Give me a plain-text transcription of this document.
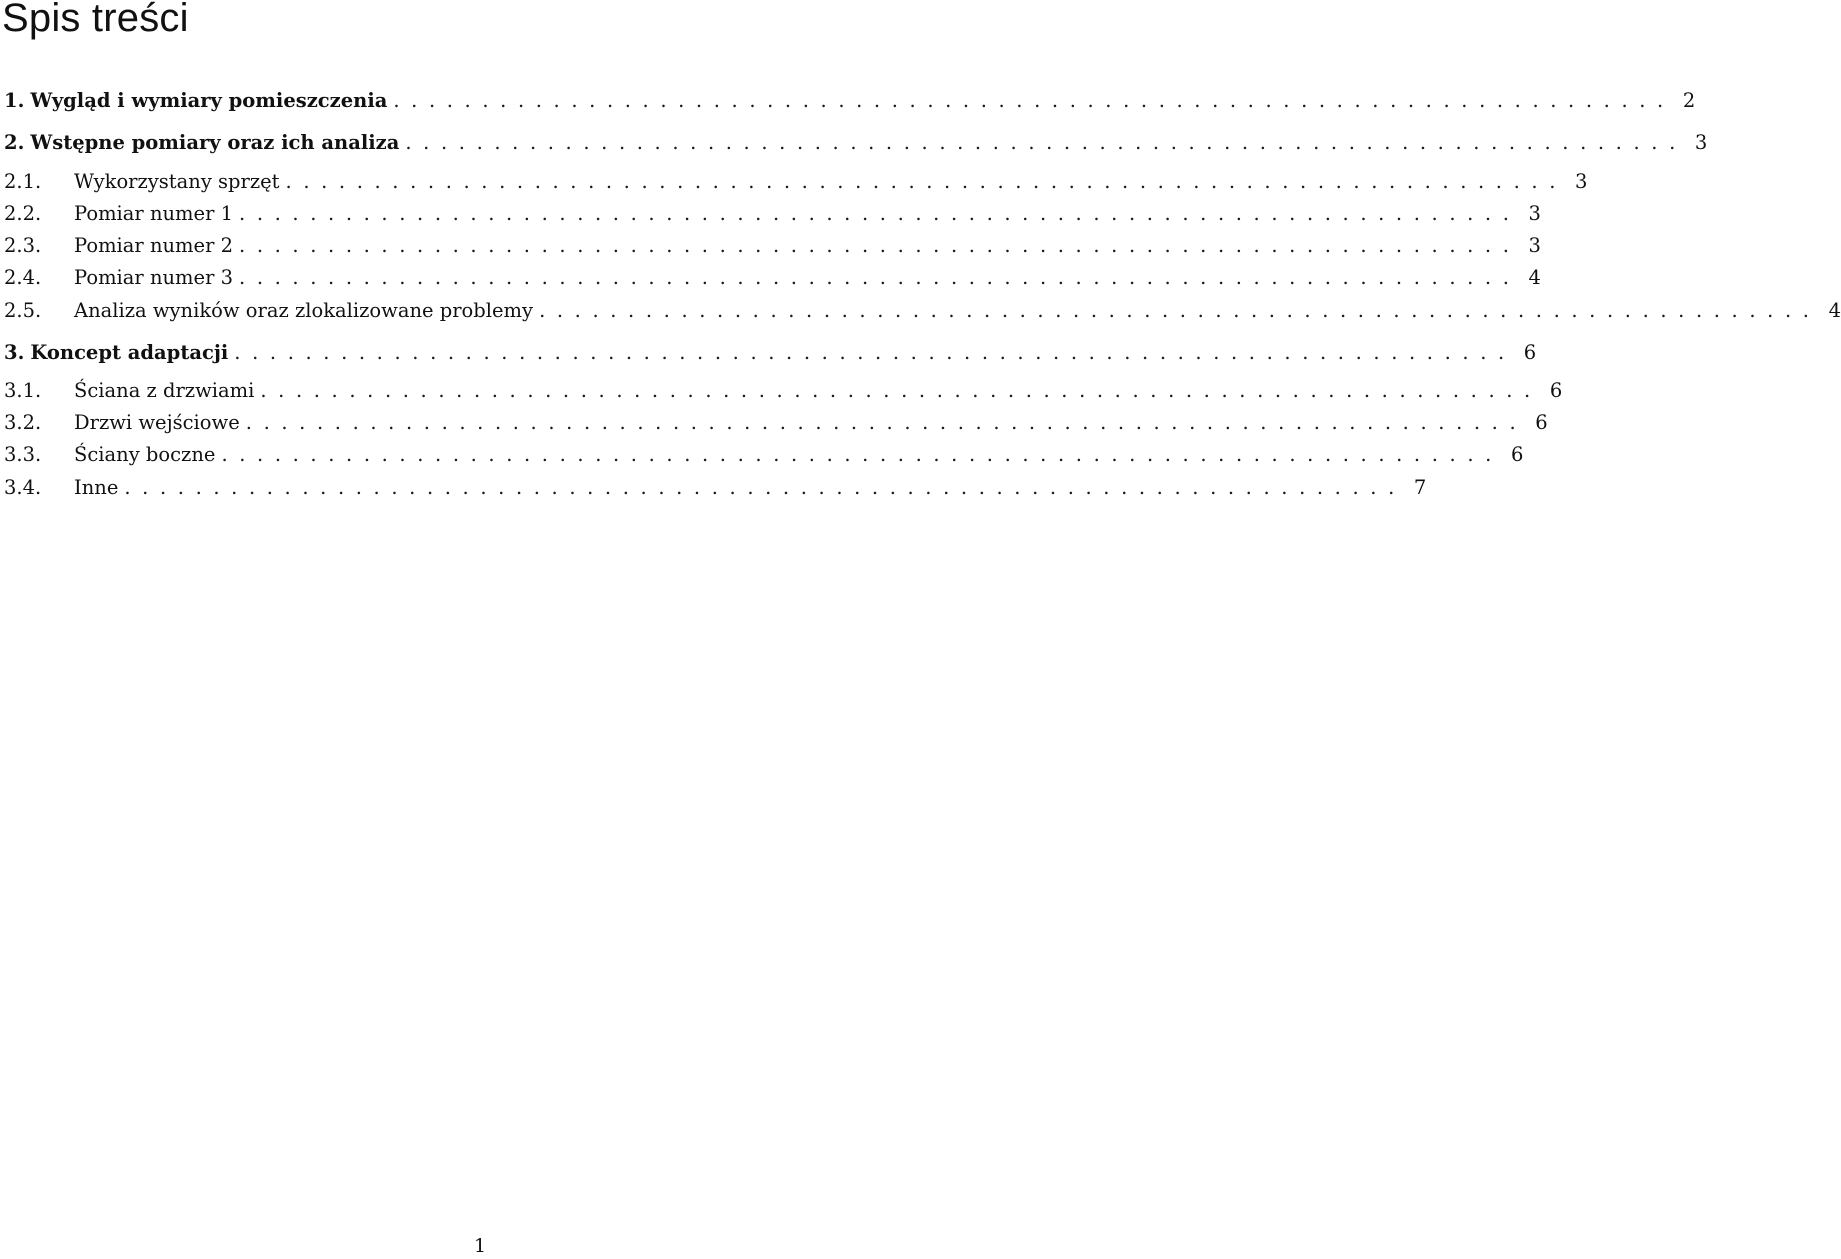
Spis treści
1. Wygląd i wymiary pomieszczenia ........................................................................ 2
2. Wstępne pomiary oraz ich analiza ........................................................................ 3
2.1.	Wykorzystany sprzęt ........................................................................ 3
2.2.	Pomiar numer 1 ........................................................................ 3
2.3.	Pomiar numer 2 ........................................................................ 3
2.4.	Pomiar numer 3 ........................................................................ 4
2.5.	Analiza wyników oraz zlokalizowane problemy ........................................................................ 4
3. Koncept adaptacji ........................................................................ 6
3.1.	Ściana z drzwiami ........................................................................ 6
3.2.	Drzwi wejściowe ........................................................................ 6
3.3.	Ściany boczne ........................................................................ 6
3.4.	Inne ........................................................................ 7
1
